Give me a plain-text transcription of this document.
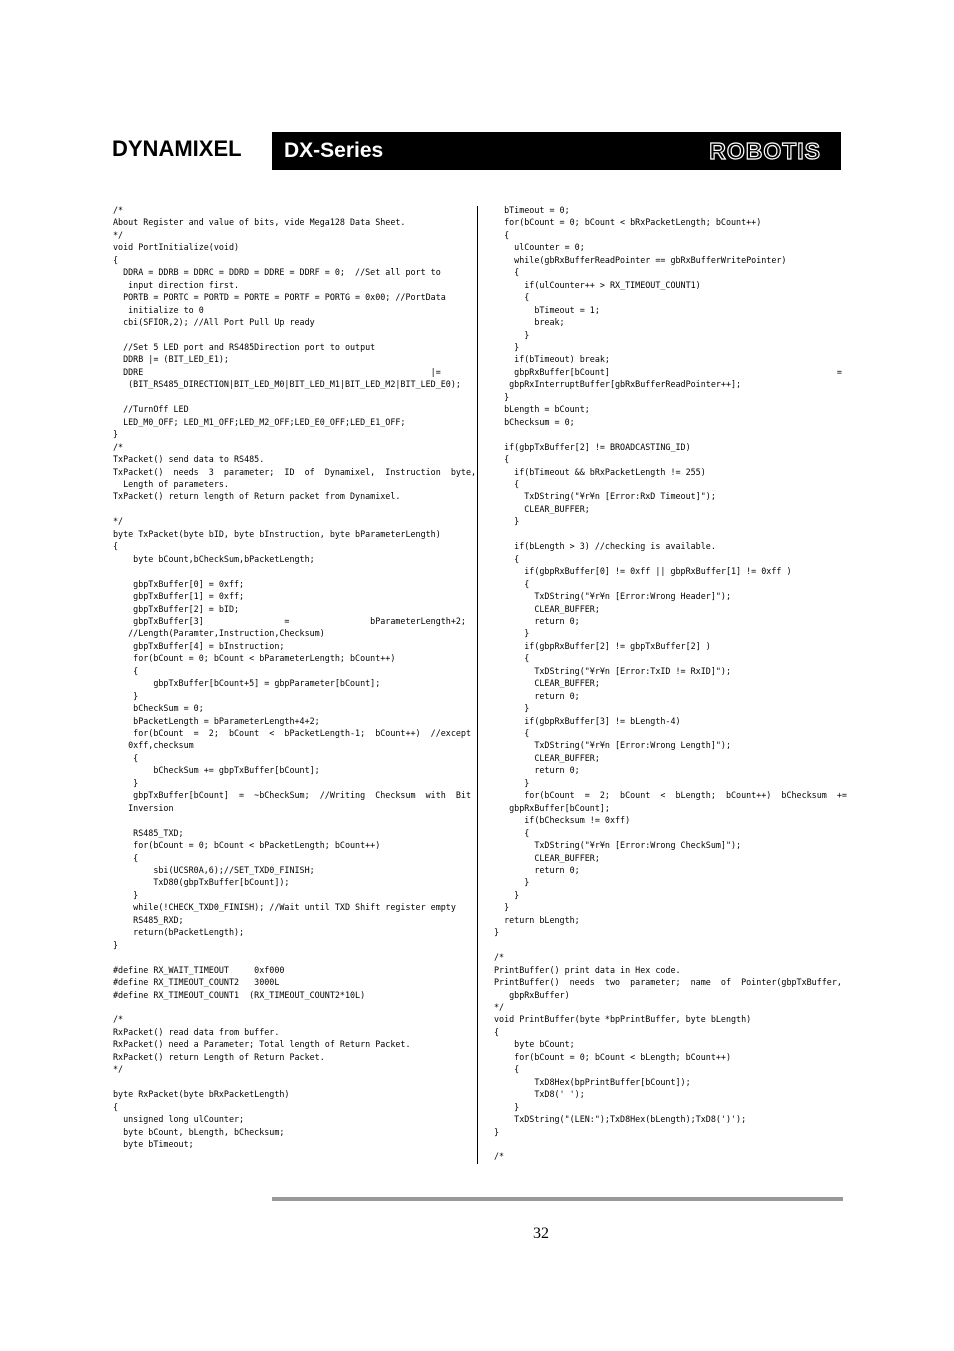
DYNAMIXEL	DX-Series	ROBOTIS
/*
About Register and value of bits, vide Mega128 Data Sheet.
*/
void PortInitialize(void)
{
DDRA = DDRB = DDRC = DDRD = DDRE = DDRF = 0;  //Set all port to
input direction first.
PORTB = PORTC = PORTD = PORTE = PORTF = PORTG = 0x00; //PortData
initialize to 0
cbi(SFIOR,2); //All Port Pull Up ready

//Set 5 LED port and RS485Direction port to output
DDRB |= (BIT_LED_E1);
DDRE                                                         |=
(BIT_RS485_DIRECTION|BIT_LED_M0|BIT_LED_M1|BIT_LED_M2|BIT_LED_E0);

//TurnOff LED
LED_M0_OFF; LED_M1_OFF;LED_M2_OFF;LED_E0_OFF;LED_E1_OFF;
}
/*
TxPacket() send data to RS485.
TxPacket()  needs  3  parameter;  ID  of  Dynamixel,  Instruction  byte,
Length of parameters.
TxPacket() return length of Return packet from Dynamixel.

*/
byte TxPacket(byte bID, byte bInstruction, byte bParameterLength)
{
byte bCount,bCheckSum,bPacketLength;

gbpTxBuffer[0] = 0xff;
gbpTxBuffer[1] = 0xff;
gbpTxBuffer[2] = bID;
gbpTxBuffer[3]                =                bParameterLength+2;
//Length(Paramter,Instruction,Checksum)
gbpTxBuffer[4] = bInstruction;
for(bCount = 0; bCount < bParameterLength; bCount++)
{
gbpTxBuffer[bCount+5] = gbpParameter[bCount];
}
bCheckSum = 0;
bPacketLength = bParameterLength+4+2;
for(bCount  =  2;  bCount  <  bPacketLength-1;  bCount++)  //except
0xff,checksum
{
bCheckSum += gbpTxBuffer[bCount];
}
gbpTxBuffer[bCount]  =  ~bCheckSum;  //Writing  Checksum  with  Bit
Inversion

RS485_TXD;
for(bCount = 0; bCount < bPacketLength; bCount++)
{
sbi(UCSR0A,6);//SET_TXD0_FINISH;
TxD80(gbpTxBuffer[bCount]);
}
while(!CHECK_TXD0_FINISH); //Wait until TXD Shift register empty
RS485_RXD;
return(bPacketLength);
}

#define RX_WAIT_TIMEOUT     0xf000
#define RX_TIMEOUT_COUNT2   3000L
#define RX_TIMEOUT_COUNT1  (RX_TIMEOUT_COUNT2*10L)

/*
RxPacket() read data from buffer.
RxPacket() need a Parameter; Total length of Return Packet.
RxPacket() return Length of Return Packet.
*/

byte RxPacket(byte bRxPacketLength)
{
unsigned long ulCounter;
byte bCount, bLength, bChecksum;
byte bTimeout;
bTimeout = 0;
for(bCount = 0; bCount < bRxPacketLength; bCount++)
{
ulCounter = 0;
while(gbRxBufferReadPointer == gbRxBufferWritePointer)
{
if(ulCounter++ > RX_TIMEOUT_COUNT1)
{
bTimeout = 1;
break;
}
}
if(bTimeout) break;
gbpRxBuffer[bCount]                                             =
gbpRxInterruptBuffer[gbRxBufferReadPointer++];
}
bLength = bCount;
bChecksum = 0;

if(gbpTxBuffer[2] != BROADCASTING_ID)
{
if(bTimeout && bRxPacketLength != 255)
{
TxDString("¥r¥n [Error:RxD Timeout]");
CLEAR_BUFFER;
}

if(bLength > 3) //checking is available.
{
if(gbpRxBuffer[0] != 0xff || gbpRxBuffer[1] != 0xff )
{
TxDString("¥r¥n [Error:Wrong Header]");
CLEAR_BUFFER;
return 0;
}
if(gbpRxBuffer[2] != gbpTxBuffer[2] )
{
TxDString("¥r¥n [Error:TxID != RxID]");
CLEAR_BUFFER;
return 0;
}
if(gbpRxBuffer[3] != bLength-4)
{
TxDString("¥r¥n [Error:Wrong Length]");
CLEAR_BUFFER;
return 0;
}
for(bCount  =  2;  bCount  <  bLength;  bCount++)  bChecksum  +=
gbpRxBuffer[bCount];
if(bChecksum != 0xff)
{
TxDString("¥r¥n [Error:Wrong CheckSum]");
CLEAR_BUFFER;
return 0;
}
}
}
return bLength;
}

/*
PrintBuffer() print data in Hex code.
PrintBuffer()  needs  two  parameter;  name  of  Pointer(gbpTxBuffer,
gbpRxBuffer)
*/
void PrintBuffer(byte *bpPrintBuffer, byte bLength)
{
byte bCount;
for(bCount = 0; bCount < bLength; bCount++)
{
TxD8Hex(bpPrintBuffer[bCount]);
TxD8(' ');
}
TxDString("(LEN:");TxD8Hex(bLength);TxD8(')');
}

/*
32
